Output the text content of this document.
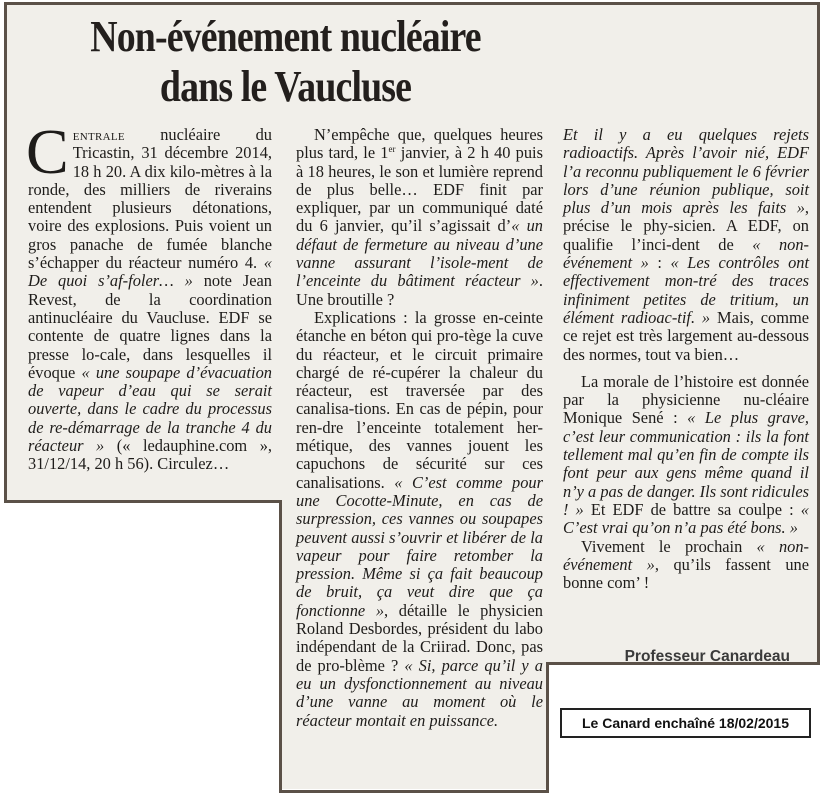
Non-événement nucléaire
dans le Vaucluse

Centrale nucléaire du Tricastin, 31 décembre 2014, 18 h 20. A dix kilo-mètres à la ronde, des milliers de riverains entendent plusieurs détonations, voire des explosions. Puis voient un gros panache de fumée blanche s’échapper du réacteur numéro 4. « De quoi s’af-foler… » note Jean Revest, de la coordination antinucléaire du Vaucluse. EDF se contente de quatre lignes dans la presse lo-cale, dans lesquelles il évoque « une soupape d’évacuation de vapeur d’eau qui se serait ouverte, dans le cadre du processus de re-démarrage de la tranche 4 du réacteur » (« ledauphine.com », 31/12/14, 20 h 56). Circulez…

N’empêche que, quelques heures plus tard, le 1er janvier, à 2 h 40 puis à 18 heures, le son et lumière reprend de plus belle… EDF finit par expliquer, par un communiqué daté du 6 janvier, qu’il s’agissait d’« un défaut de fermeture au niveau d’une vanne assurant l’isole-ment de l’enceinte du bâtiment réacteur ». Une broutille ?

Explications : la grosse en-ceinte étanche en béton qui pro-tège la cuve du réacteur, et le circuit primaire chargé de ré-cupérer la chaleur du réacteur, est traversée par des canalisa-tions. En cas de pépin, pour ren-dre l’enceinte totalement her-métique, des vannes jouent les capuchons de sécurité sur ces canalisations. « C’est comme pour une Cocotte-Minute, en cas de surpression, ces vannes ou soupapes peuvent aussi s’ouvrir et libérer de la vapeur pour faire retomber la pression. Même si ça fait beaucoup de bruit, ça veut dire que ça fonctionne », détaille le physicien Roland Desbordes, président du labo indépendant de la Criirad. Donc, pas de pro-blème ? « Si, parce qu’il y a eu un dysfonctionnement au niveau d’une vanne au moment où le réacteur montait en puissance.

Et il y a eu quelques rejets radioactifs. Après l’avoir nié, EDF l’a reconnu publiquement le 6 février lors d’une réunion publique, soit plus d’un mois après les faits », précise le phy-sicien. A EDF, on qualifie l’inci-dent de « non-événement » : « Les contrôles ont effectivement mon-tré des traces infiniment petites de tritium, un élément radioac-tif. » Mais, comme ce rejet est très largement au-dessous des normes, tout va bien…

La morale de l’histoire est donnée par la physicienne nu-cléaire Monique Sené : « Le plus grave, c’est leur communication : ils la font tellement mal qu’en fin de compte ils font peur aux gens même quand il n’y a pas de danger. Ils sont ridicules ! » Et EDF de battre sa coulpe : « C’est vrai qu’on n’a pas été bons. »

Vivement le prochain « non-événement », qu’ils fassent une bonne com’ !

Professeur Canardeau
Le Canard enchaîné 18/02/2015
